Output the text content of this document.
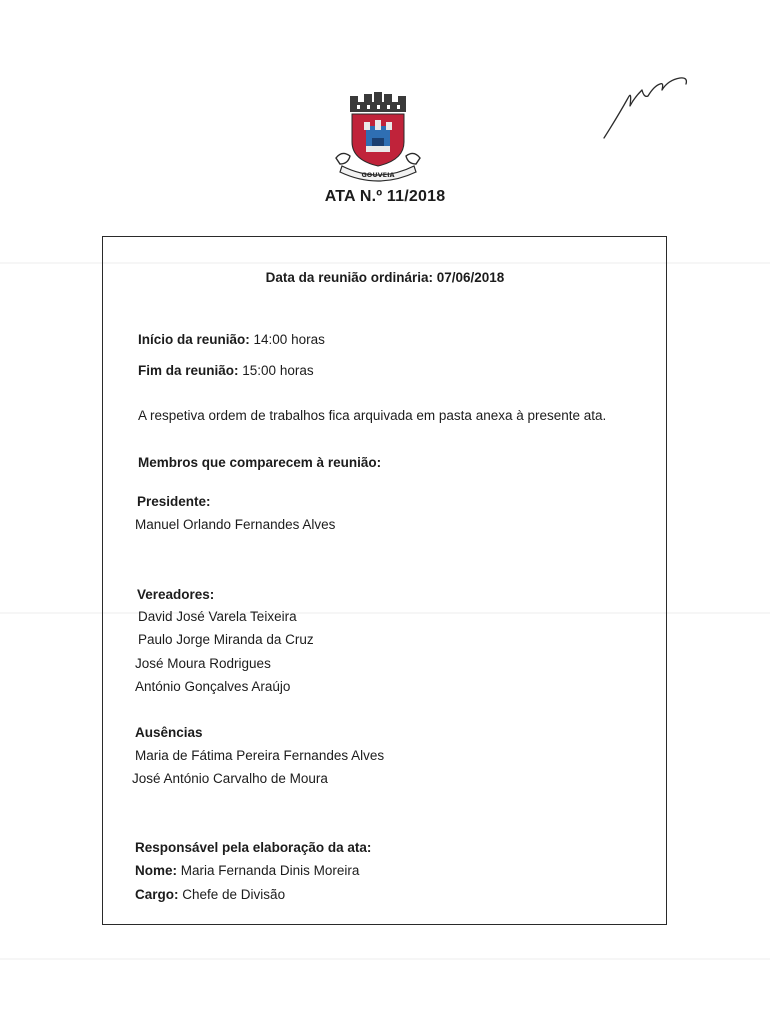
GOUVEIA
ATA N.º 11/2018
Data da reunião ordinária: 07/06/2018
Início da reunião: 14:00 horas
Fim da reunião: 15:00 horas
A respetiva ordem de trabalhos fica arquivada em pasta anexa à presente ata.
Membros que comparecem à reunião:
Presidente:
Manuel Orlando Fernandes Alves
Vereadores:
David José Varela Teixeira
Paulo Jorge Miranda da Cruz
José Moura Rodrigues
António Gonçalves Araújo
Ausências
Maria de Fátima Pereira Fernandes Alves
José António Carvalho de Moura
Responsável pela elaboração da ata:
Nome: Maria Fernanda Dinis Moreira
Cargo: Chefe de Divisão
